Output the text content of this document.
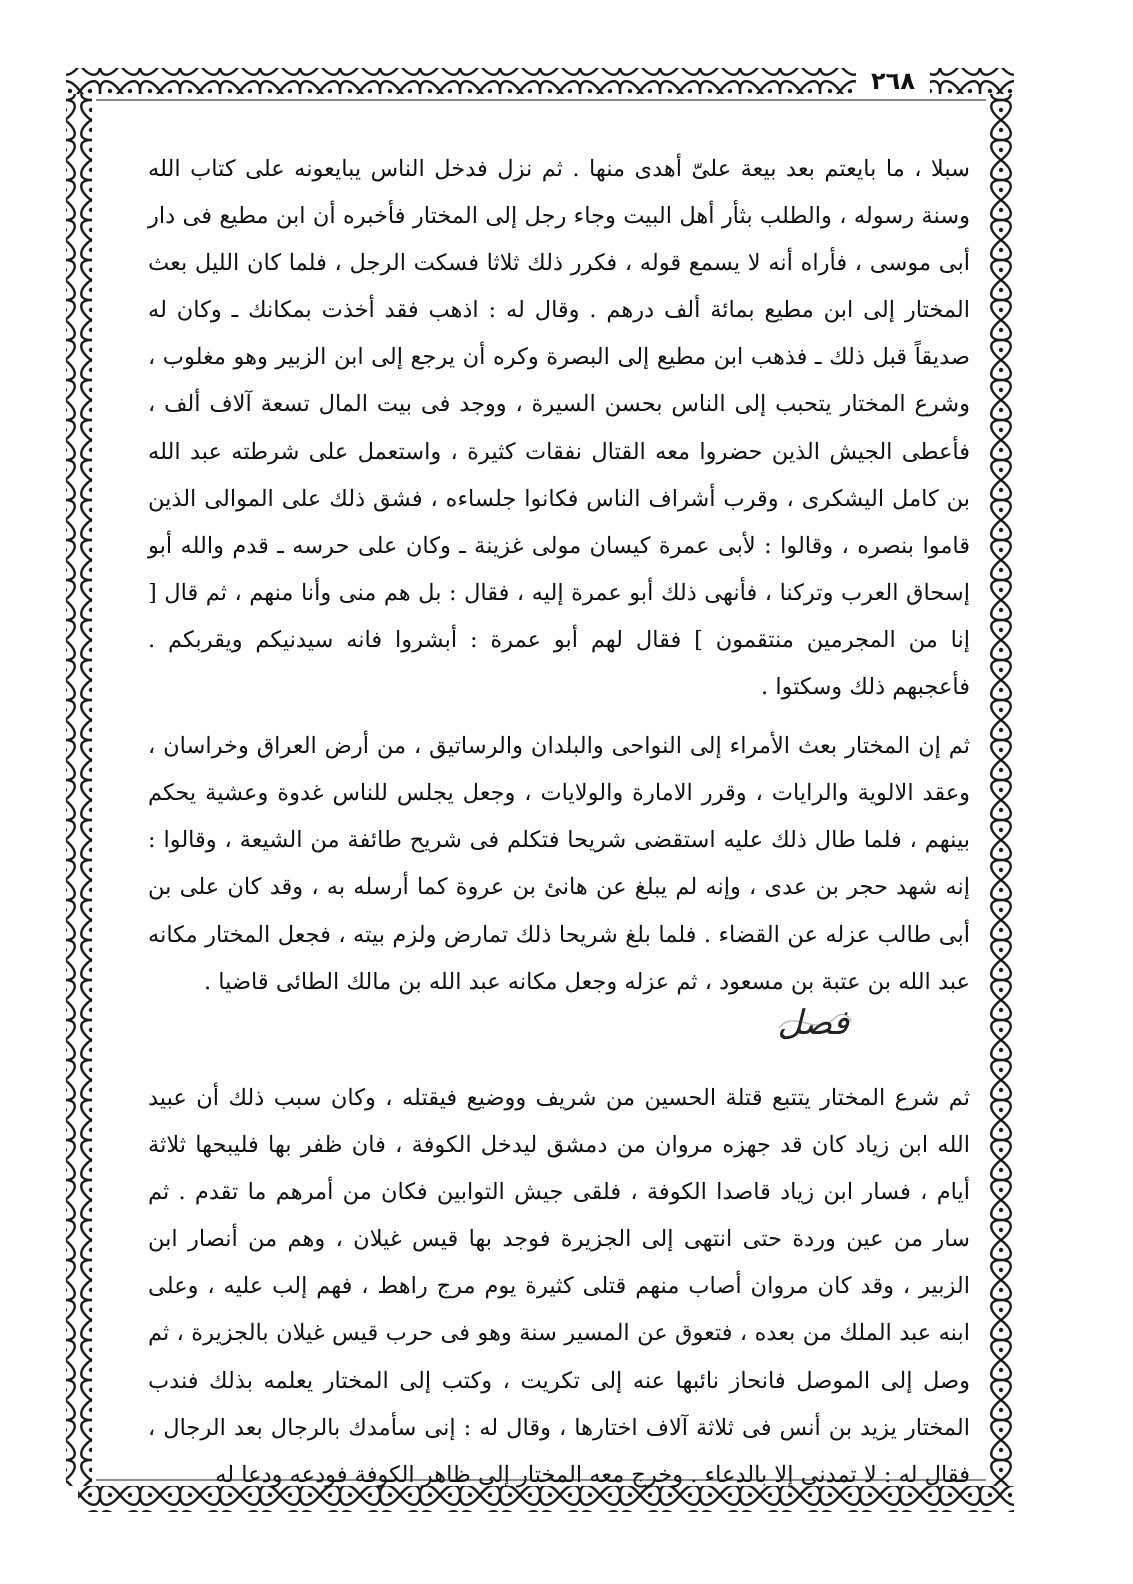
٢٦٨

سبلا ، ما بايعتم بعد بيعة علىّ أهدى منها . ثم نزل فدخل الناس يبايعونه على كتاب الله وسنة رسوله ، والطلب بثأر أهل البيت وجاء رجل إلى المختار فأخبره أن ابن مطيع فى دار أبى موسى ، فأراه أنه لا يسمع قوله ، فكرر ذلك ثلاثا فسكت الرجل ، فلما كان الليل بعث المختار إلى ابن مطيع بمائة ألف درهم . وقال له : اذهب فقد أخذت بمكانك ـ وكان له صديقاً قبل ذلك ـ فذهب ابن مطيع إلى البصرة وكره أن يرجع إلى ابن الزبير وهو مغلوب ، وشرع المختار يتحبب إلى الناس بحسن السيرة ، ووجد فى بيت المال تسعة آلاف ألف ، فأعطى الجيش الذين حضروا معه القتال نفقات كثيرة ، واستعمل على شرطته عبد الله بن كامل اليشكرى ، وقرب أشراف الناس فكانوا جلساءه ، فشق ذلك على الموالى الذين قاموا بنصره ، وقالوا : لأبى عمرة كيسان مولى غزينة ـ وكان على حرسه ـ قدم والله أبو إسحاق العرب وتركنا ، فأنهى ذلك أبو عمرة إليه ، فقال : بل هم منى وأنا منهم ، ثم قال [ إنا من المجرمين منتقمون ] فقال لهم أبو عمرة : أبشروا فانه سيدنيكم ويقربكم . فأعجبهم ذلك وسكتوا .

ثم إن المختار بعث الأمراء إلى النواحى والبلدان والرساتيق ، من أرض العراق وخراسان ، وعقد الالوية والرايات ، وقرر الامارة والولايات ، وجعل يجلس للناس غدوة وعشية يحكم بينهم ، فلما طال ذلك عليه استقضى شريحا فتكلم فى شريح طائفة من الشيعة ، وقالوا : إنه شهد حجر بن عدى ، وإنه لم يبلغ عن هانئ بن عروة كما أرسله به ، وقد كان على بن أبى طالب عزله عن القضاء . فلما بلغ شريحا ذلك تمارض ولزم بيته ، فجعل المختار مكانه عبد الله بن عتبة بن مسعود ، ثم عزله وجعل مكانه عبد الله بن مالك الطائى قاضيا .

فصل

ثم شرع المختار يتتبع قتلة الحسين من شريف ووضيع فيقتله ، وكان سبب ذلك أن عبيد الله ابن زياد كان قد جهزه مروان من دمشق ليدخل الكوفة ، فان ظفر بها فليبحها ثلاثة أيام ، فسار ابن زياد قاصدا الكوفة ، فلقى جيش التوابين فكان من أمرهم ما تقدم . ثم سار من عين وردة حتى انتهى إلى الجزيرة فوجد بها قيس غيلان ، وهم من أنصار ابن الزبير ، وقد كان مروان أصاب منهم قتلى كثيرة يوم مرج راهط ، فهم إلب عليه ، وعلى ابنه عبد الملك من بعده ، فتعوق عن المسير سنة وهو فى حرب قيس غيلان بالجزيرة ، ثم وصل إلى الموصل فانحاز نائبها عنه إلى تكريت ، وكتب إلى المختار يعلمه بذلك فندب المختار يزيد بن أنس فى ثلاثة آلاف اختارها ، وقال له : إنى سأمدك بالرجال بعد الرجال ، فقال له : لا تمدنى إلا بالدعاء . وخرج معه المختار إلى ظاهر الكوفة فودعه ودعا له
